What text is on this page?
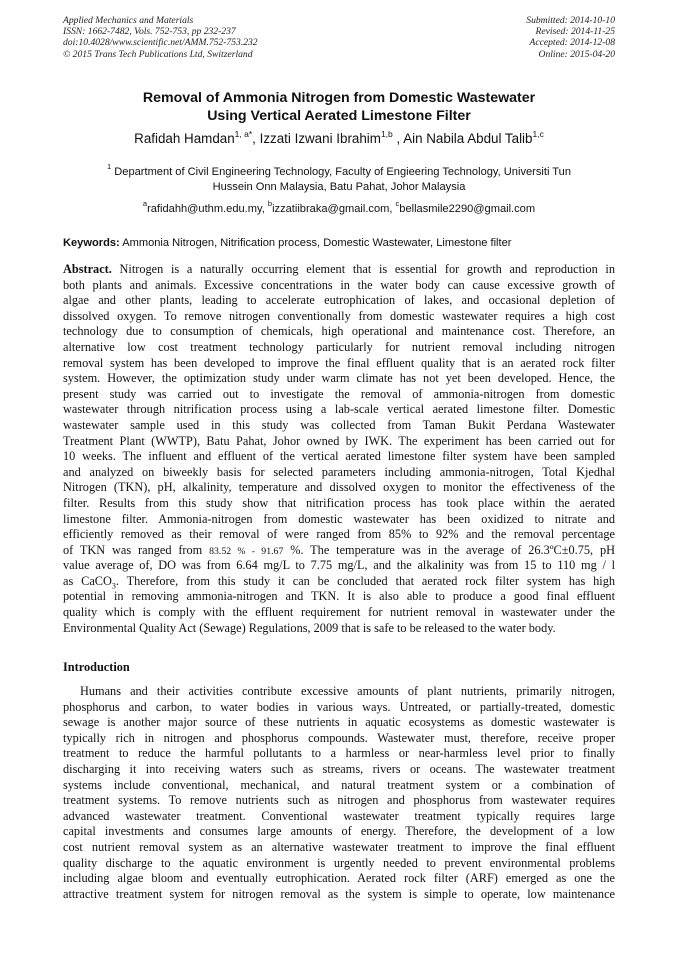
Applied Mechanics and Materials
ISSN: 1662-7482, Vols. 752-753, pp 232-237
doi:10.4028/www.scientific.net/AMM.752-753.232
© 2015 Trans Tech Publications Ltd, Switzerland
Submitted: 2014-10-10
Revised: 2014-11-25
Accepted: 2014-12-08
Online: 2015-04-20
Removal of Ammonia Nitrogen from Domestic Wastewater
Using Vertical Aerated Limestone Filter
Rafidah Hamdan$^{1, a*}$, Izzati Izwani Ibrahim$^{1,b}$ , Ain Nabila Abdul Talib$^{1,c}$
$^1$ Department of Civil Engineering Technology, Faculty of Engieering Technology, Universiti Tun
Hussein Onn Malaysia, Batu Pahat, Johor Malaysia
$^a$rafidahh@uthm.edu.my, $^b$izzatiibraka@gmail.com, $^c$bellasmile2290@gmail.com
Keywords: Ammonia Nitrogen, Nitrification process, Domestic Wastewater, Limestone filter
Abstract. Nitrogen is a naturally occurring element that is essential for growth and reproduction in
both plants and animals. Excessive concentrations in the water body can cause excessive growth of
algae and other plants, leading to accelerate eutrophication of lakes, and occasional depletion of
dissolved oxygen. To remove nitrogen conventionally from domestic wastewater requires a high cost
technology due to consumption of chemicals, high operational and maintenance cost. Therefore, an
alternative low cost treatment technology particularly for nutrient removal including nitrogen
removal system has been developed to improve the final effluent quality that is an aerated rock filter
system. However, the optimization study under warm climate has not yet been developed. Hence, the
present study was carried out to investigate the removal of ammonia-nitrogen from domestic
wastewater through nitrification process using a lab-scale vertical aerated limestone filter. Domestic
wastewater sample used in this study was collected from Taman Bukit Perdana Wastewater
Treatment Plant (WWTP), Batu Pahat, Johor owned by IWK. The experiment has been carried out for
10 weeks. The influent and effluent of the vertical aerated limestone filter system have been sampled
and analyzed on biweekly basis for selected parameters including ammonia-nitrogen, Total Kjedhal
Nitrogen (TKN), pH, alkalinity, temperature and dissolved oxygen to monitor the effectiveness of the
filter. Results from this study show that nitrification process has took place within the aerated
limestone filter. Ammonia-nitrogen from domestic wastewater has been oxidized to nitrate and
efficiently removed as their removal of were ranged from 85% to 92% and the removal percentage
of TKN was ranged from 83.52 % - 91.67 %. The temperature was in the average of 26.3ºC±0.75, pH
value average of, DO was from 6.64 mg/L to 7.75 mg/L, and the alkalinity was from 15 to 110 mg / l
as CaCO$_3$. Therefore, from this study it can be concluded that aerated rock filter system has high
potential in removing ammonia-nitrogen and TKN. It is also able to produce a good final effluent
quality which is comply with the effluent requirement for nutrient removal in wastewater under the
Environmental Quality Act (Sewage) Regulations, 2009 that is safe to be released to the water body.
Introduction
Humans and their activities contribute excessive amounts of plant nutrients, primarily nitrogen,
phosphorus and carbon, to water bodies in various ways. Untreated, or partially-treated, domestic
sewage is another major source of these nutrients in aquatic ecosystems as domestic wastewater is
typically rich in nitrogen and phosphorus compounds. Wastewater must, therefore, receive proper
treatment to reduce the harmful pollutants to a harmless or near-harmless level prior to finally
discharging it into receiving waters such as streams, rivers or oceans. The wastewater treatment
systems include conventional, mechanical, and natural treatment system or a combination of
treatment systems. To remove nutrients such as nitrogen and phosphorus from wastewater requires
advanced wastewater treatment. Conventional wastewater treatment typically requires large
capital investments and consumes large amounts of energy. Therefore, the development of a low
cost nutrient removal system as an alternative wastewater treatment to improve the final effluent
quality discharge to the aquatic environment is urgently needed to prevent environmental problems
including algae bloom and eventually eutrophication. Aerated rock filter (ARF) emerged as one the
attractive treatment system for nitrogen removal as the system is simple to operate, low maintenance
